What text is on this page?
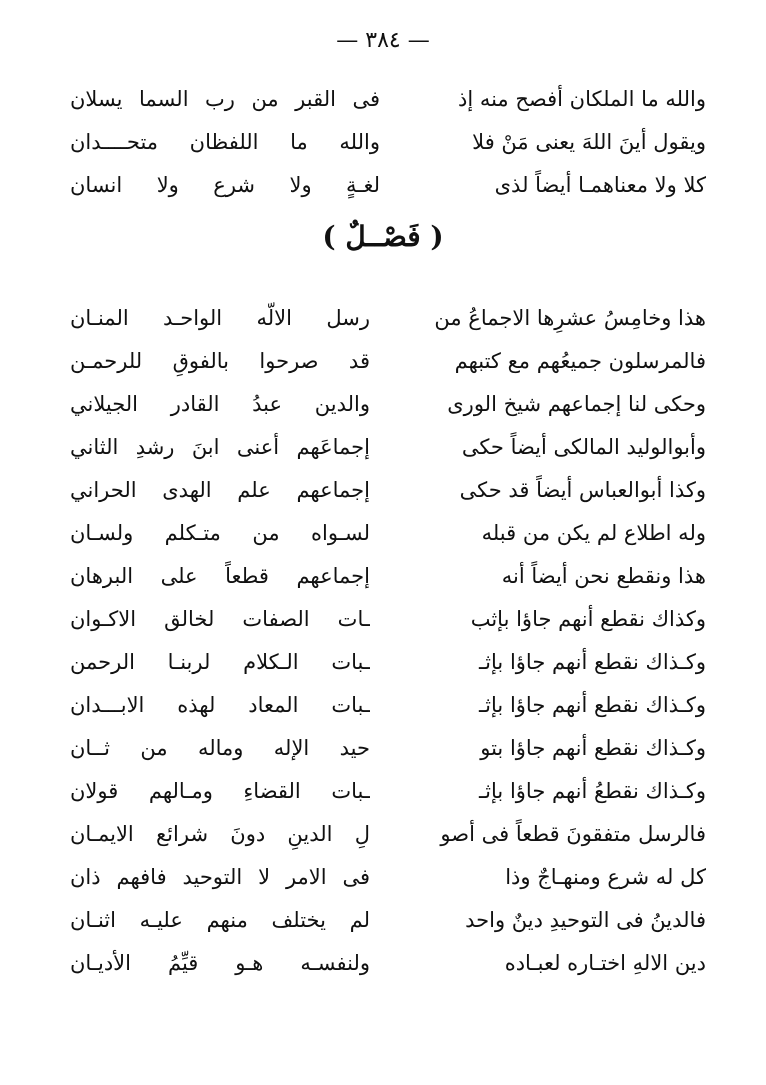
— ٣٨٤ —
والله ما الملكان أفصح منه إذ
فى القبر من رب السما يسلان
ويقول أينَ اللهَ يعنى مَنْ فلا
والله ما اللفظان متحــــدان
كلا ولا معناهمـا أيضاً لذى
لغـةٍ ولا شرع ولا انسان
( فَصْــلٌ )
هذا وخامِسُ عشرِها الاجماعُ من
رسل الالّه الواحـد المنـان
فالمرسلون جميعُهم مع كتبهم
قد صرحوا بالفوقِ للرحمـن
وحكى لنا إجماعهم شيخ الورى
والدين عبدُ القادر الجيلاني
وأبوالوليد المالكى أيضاً حكى
إجماعَهم أعنى ابنَ رشدِ الثاني
وكذا أبوالعباس أيضاً قد حكى
إجماعهم علم الهدى الحراني
وله اطلاع لم يكن من قبله
لسـواه من متـكلم ولسـان
هذا ونقطع نحن أيضاً أنه
إجماعهم قطعاً على البرهان
وكذاك نقطع أنهم جاؤا بإثب
ـات الصفات لخالق الاكـوان
وكـذاك نقطع أنهم جاؤا بإثـ
ـبات الـكلام لربنـا الرحمن
وكـذاك نقطع أنهم جاؤا بإثـ
ـبات المعاد لهذه الابـــدان
وكـذاك نقطع أنهم جاؤا بتو
حيد الإله وماله من ثــان
وكـذاك نقطعُ أنهم جاؤا بإثـ
ـبات القضاءِ ومـالهم قولان
فالرسل متفقونَ قطعاً فى أصو
لِ الدينِ دونَ شرائع الايمـان
كل له شرع ومنهـاجٌ وذا
فى الامر لا التوحيد فافهم ذان
فالدينُ فى التوحيدِ دينٌ واحد
لم يختلف منهم عليـه اثنـان
دين الالهِ اختـاره لعبـاده
ولنفسـه هـو قيِّمُ الأديـان
